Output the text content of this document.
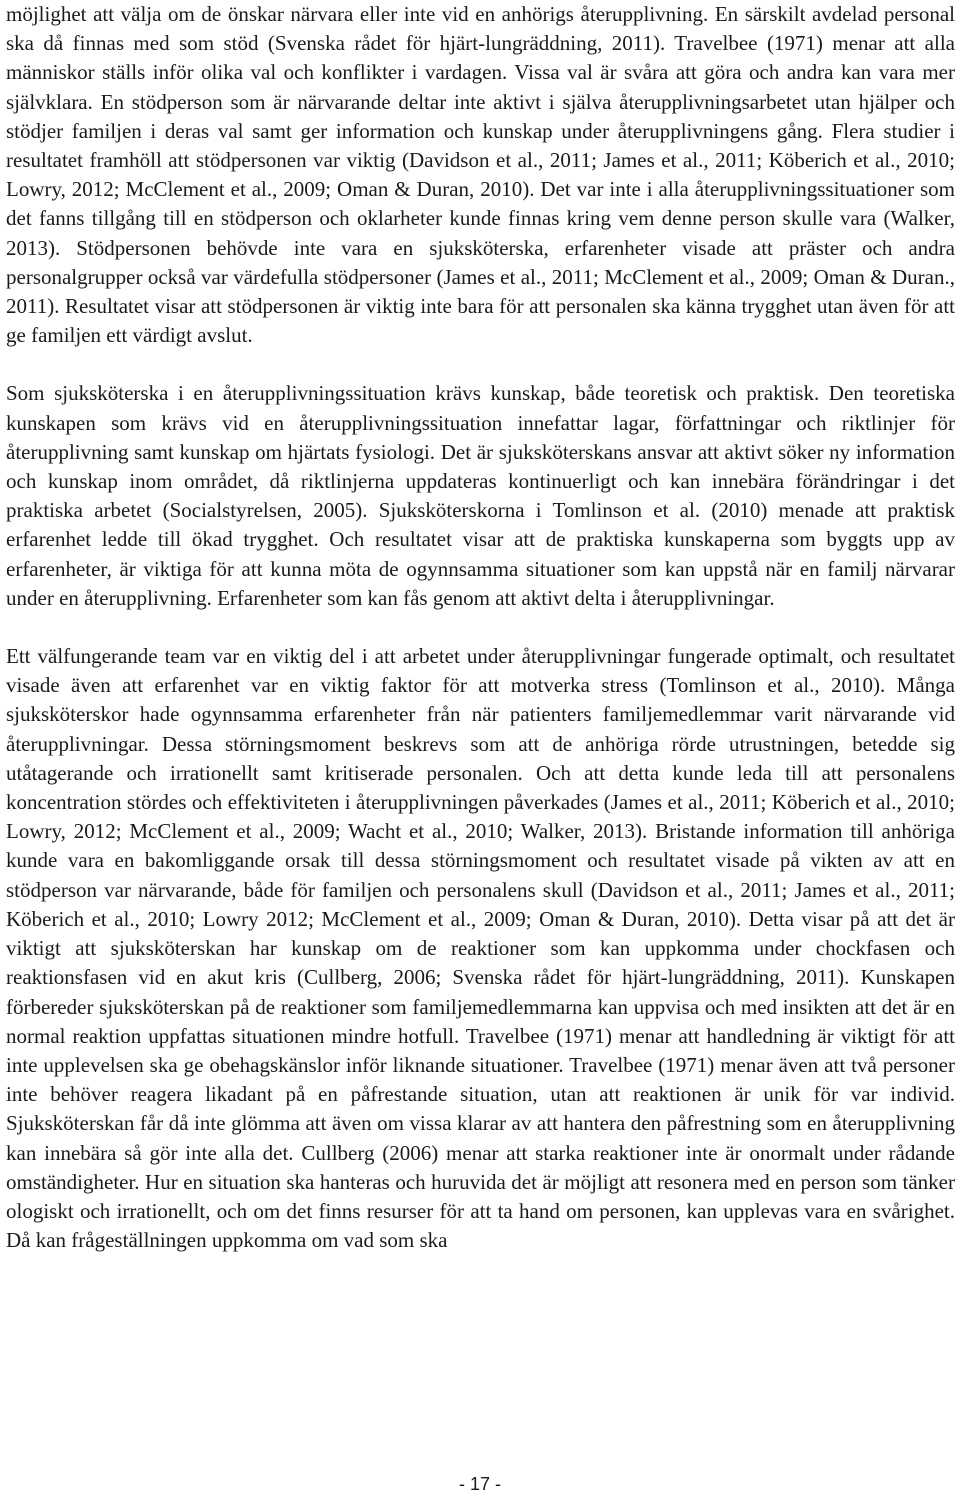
möjlighet att välja om de önskar närvara eller inte vid en anhörigs återupplivning. En särskilt avdelad personal ska då finnas med som stöd (Svenska rådet för hjärt-lungräddning, 2011). Travelbee (1971) menar att alla människor ställs inför olika val och konflikter i vardagen. Vissa val är svåra att göra och andra kan vara mer självklara. En stödperson som är närvarande deltar inte aktivt i själva återupplivningsarbetet utan hjälper och stödjer familjen i deras val samt ger information och kunskap under återupplivningens gång. Flera studier i resultatet framhöll att stödpersonen var viktig (Davidson et al., 2011; James et al., 2011; Köberich et al., 2010; Lowry, 2012; McClement et al., 2009; Oman & Duran, 2010). Det var inte i alla återupplivningssituationer som det fanns tillgång till en stödperson och oklarheter kunde finnas kring vem denne person skulle vara (Walker, 2013). Stödpersonen behövde inte vara en sjuksköterska, erfarenheter visade att präster och andra personalgrupper också var värdefulla stödpersoner (James et al., 2011; McClement et al., 2009; Oman & Duran., 2011). Resultatet visar att stödpersonen är viktig inte bara för att personalen ska känna trygghet utan även för att ge familjen ett värdigt avslut.

Som sjuksköterska i en återupplivningssituation krävs kunskap, både teoretisk och praktisk. Den teoretiska kunskapen som krävs vid en återupplivningssituation innefattar lagar, författningar och riktlinjer för återupplivning samt kunskap om hjärtats fysiologi. Det är sjuksköterskans ansvar att aktivt söker ny information och kunskap inom området, då riktlinjerna uppdateras kontinuerligt och kan innebära förändringar i det praktiska arbetet (Socialstyrelsen, 2005). Sjuksköterskorna i Tomlinson et al. (2010) menade att praktisk erfarenhet ledde till ökad trygghet. Och resultatet visar att de praktiska kunskaperna som byggts upp av erfarenheter, är viktiga för att kunna möta de ogynnsamma situationer som kan uppstå när en familj närvarar under en återupplivning. Erfarenheter som kan fås genom att aktivt delta i återupplivningar.

Ett välfungerande team var en viktig del i att arbetet under återupplivningar fungerade optimalt, och resultatet visade även att erfarenhet var en viktig faktor för att motverka stress (Tomlinson et al., 2010). Många sjuksköterskor hade ogynnsamma erfarenheter från när patienters familjemedlemmar varit närvarande vid återupplivningar. Dessa störningsmoment beskrevs som att de anhöriga rörde utrustningen, betedde sig utåtagerande och irrationellt samt kritiserade personalen. Och att detta kunde leda till att personalens koncentration stördes och effektiviteten i återupplivningen påverkades (James et al., 2011; Köberich et al., 2010; Lowry, 2012; McClement et al., 2009; Wacht et al., 2010; Walker, 2013). Bristande information till anhöriga kunde vara en bakomliggande orsak till dessa störningsmoment och resultatet visade på vikten av att en stödperson var närvarande, både för familjen och personalens skull (Davidson et al., 2011; James et al., 2011; Köberich et al., 2010; Lowry 2012; McClement et al., 2009; Oman & Duran, 2010). Detta visar på att det är viktigt att sjuksköterskan har kunskap om de reaktioner som kan uppkomma under chockfasen och reaktionsfasen vid en akut kris (Cullberg, 2006; Svenska rådet för hjärt-lungräddning, 2011). Kunskapen förbereder sjuksköterskan på de reaktioner som familjemedlemmarna kan uppvisa och med insikten att det är en normal reaktion uppfattas situationen mindre hotfull. Travelbee (1971) menar att handledning är viktigt för att inte upplevelsen ska ge obehagskänslor inför liknande situationer. Travelbee (1971) menar även att två personer inte behöver reagera likadant på en påfrestande situation, utan att reaktionen är unik för var individ. Sjuksköterskan får då inte glömma att även om vissa klarar av att hantera den påfrestning som en återupplivning kan innebära så gör inte alla det. Cullberg (2006) menar att starka reaktioner inte är onormalt under rådande omständigheter. Hur en situation ska hanteras och huruvida det är möjligt att resonera med en person som tänker ologiskt och irrationellt, och om det finns resurser för att ta hand om personen, kan upplevas vara en svårighet. Då kan frågeställningen uppkomma om vad som ska

- 17 -
